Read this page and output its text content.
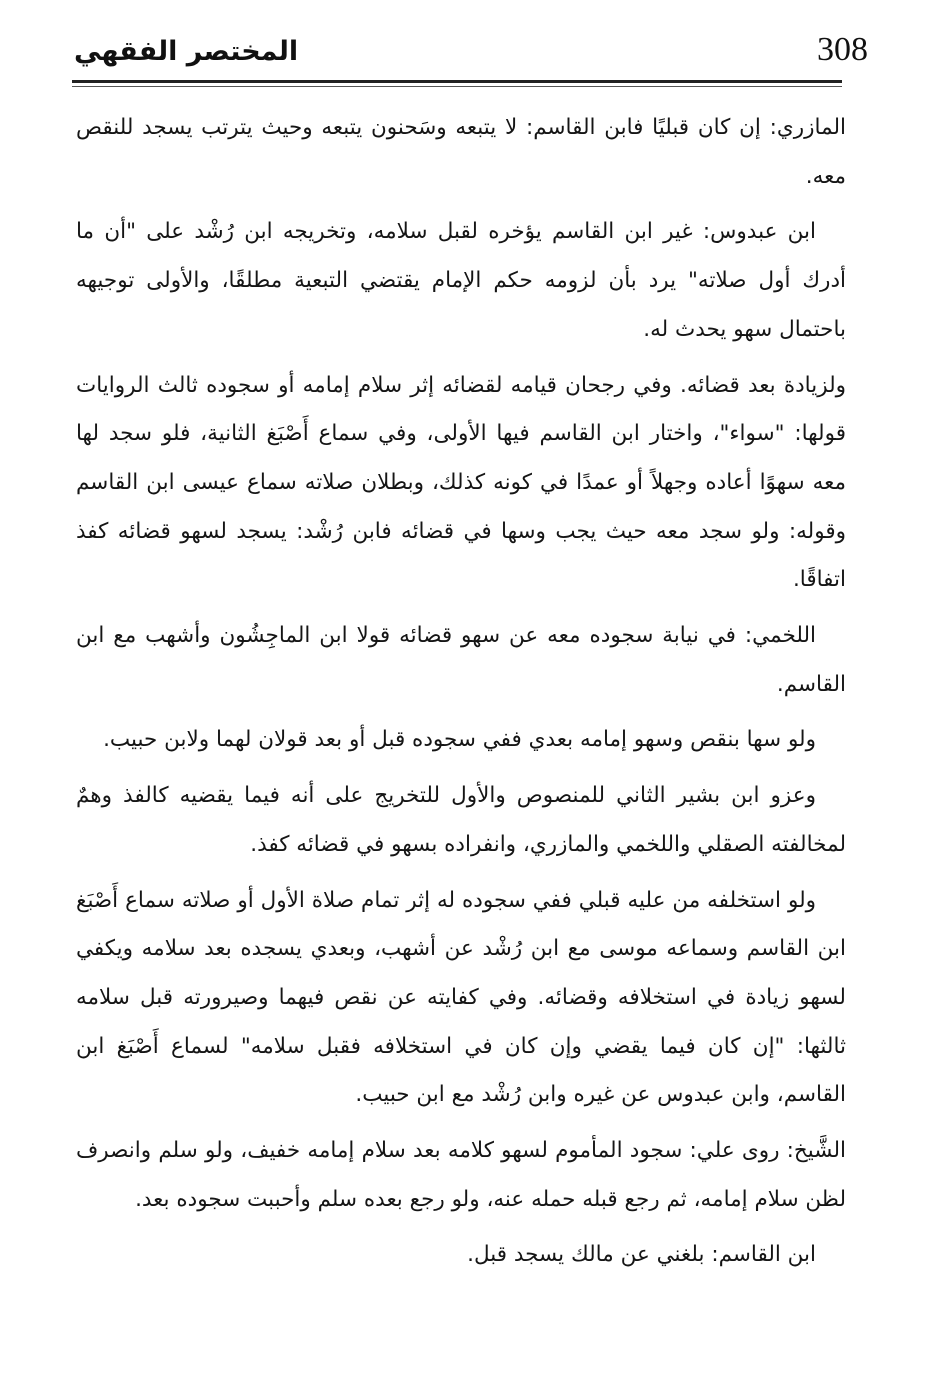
308
المختصر الفقهي

المازري: إن كان قبليًا فابن القاسم: لا يتبعه وسَحنون يتبعه وحيث يترتب يسجد للنقص معه.

ابن عبدوس: غير ابن القاسم يؤخره لقبل سلامه، وتخريجه ابن رُشْد على "أن ما أدرك أول صلاته" يرد بأن لزومه حكم الإمام يقتضي التبعية مطلقًا، والأولى توجيهه باحتمال سهو يحدث له.

ولزيادة بعد قضائه. وفي رجحان قيامه لقضائه إثر سلام إمامه أو سجوده ثالث الروايات قولها: "سواء"، واختار ابن القاسم فيها الأولى، وفي سماع أَصْبَغ الثانية، فلو سجد لها معه سهوًا أعاده وجهلاً أو عمدًا في كونه كذلك، وبطلان صلاته سماع عيسى ابن القاسم وقوله: ولو سجد معه حيث يجب وسها في قضائه فابن رُشْد: يسجد لسهو قضائه كفذ اتفاقًا.

اللخمي: في نيابة سجوده معه عن سهو قضائه قولا ابن الماجِشُون وأشهب مع ابن القاسم.

ولو سها بنقص وسهو إمامه بعدي ففي سجوده قبل أو بعد قولان لهما ولابن حبيب.

وعزو ابن بشير الثاني للمنصوص والأول للتخريج على أنه فيما يقضيه كالفذ وهمٌ لمخالفته الصقلي واللخمي والمازري، وانفراده بسهو في قضائه كفذ.

ولو استخلفه من عليه قبلي ففي سجوده له إثر تمام صلاة الأول أو صلاته سماع أَصْبَغ ابن القاسم وسماعه موسى مع ابن رُشْد عن أشهب، وبعدي يسجده بعد سلامه ويكفي لسهو زيادة في استخلافه وقضائه. وفي كفايته عن نقص فيهما وصيرورته قبل سلامه ثالثها: "إن كان فيما يقضي وإن كان في استخلافه فقبل سلامه" لسماع أَصْبَغ ابن القاسم، وابن عبدوس عن غيره وابن رُشْد مع ابن حبيب.

الشَّيخ: روى علي: سجود المأموم لسهو كلامه بعد سلام إمامه خفيف، ولو سلم وانصرف لظن سلام إمامه، ثم رجع قبله حمله عنه، ولو رجع بعده سلم وأحببت سجوده بعد.

ابن القاسم: بلغني عن مالك يسجد قبل.
